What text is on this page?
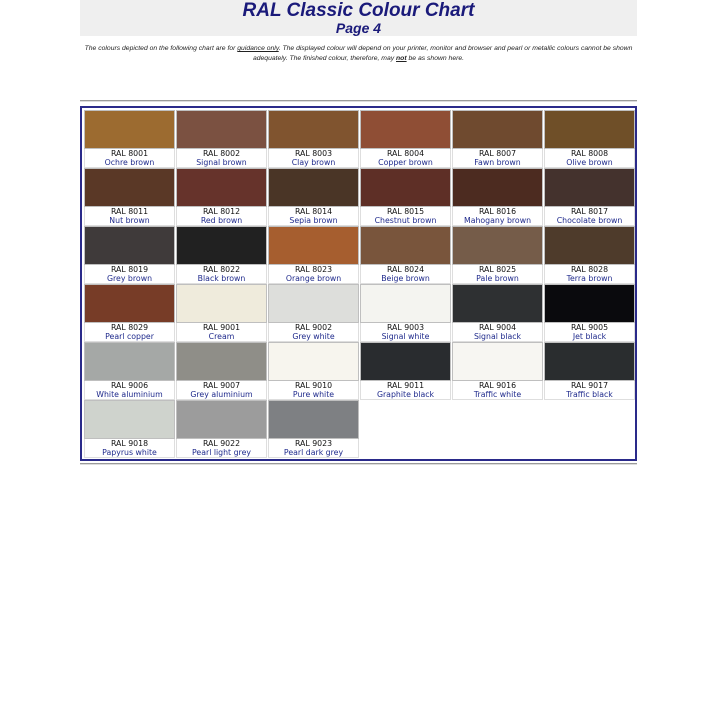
RAL Classic Colour Chart
Page 4
The colours depicted on the following chart are for guidance only. The displayed colour will depend on your printer, monitor and browser and pearl or metallic colours cannot be shown adequately. The finished colour, therefore, may not be as shown here.
RAL 8001
Ochre brown
RAL 8002
Signal brown
RAL 8003
Clay brown
RAL 8004
Copper brown
RAL 8007
Fawn brown
RAL 8008
Olive brown
RAL 8011
Nut brown
RAL 8012
Red brown
RAL 8014
Sepia brown
RAL 8015
Chestnut brown
RAL 8016
Mahogany brown
RAL 8017
Chocolate brown
RAL 8019
Grey brown
RAL 8022
Black brown
RAL 8023
Orange brown
RAL 8024
Beige brown
RAL 8025
Pale brown
RAL 8028
Terra brown
RAL 8029
Pearl copper
RAL 9001
Cream
RAL 9002
Grey white
RAL 9003
Signal white
RAL 9004
Signal black
RAL 9005
Jet black
RAL 9006
White aluminium
RAL 9007
Grey aluminium
RAL 9010
Pure white
RAL 9011
Graphite black
RAL 9016
Traffic white
RAL 9017
Traffic black
RAL 9018
Papyrus white
RAL 9022
Pearl light grey
RAL 9023
Pearl dark grey
